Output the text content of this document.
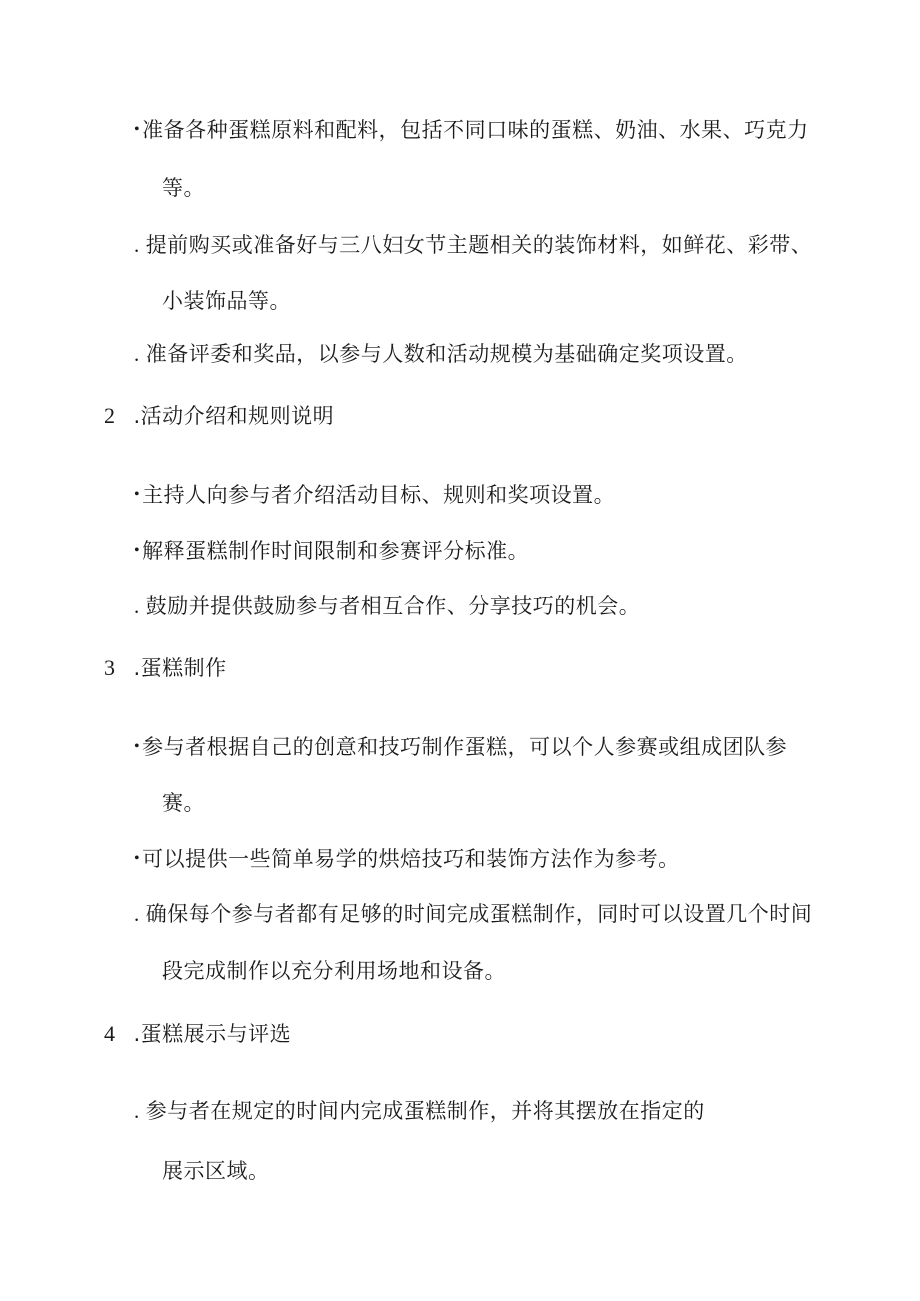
•准备各种蛋糕原料和配料，包括不同口味的蛋糕、奶油、水果、巧克力
等。
. 提前购买或准备好与三八妇女节主题相关的装饰材料，如鲜花、彩带、
小装饰品等。
. 准备评委和奖品，以参与人数和活动规模为基础确定奖项设置。
2 .活动介绍和规则说明
•主持人向参与者介绍活动目标、规则和奖项设置。
•解释蛋糕制作时间限制和参赛评分标准。
. 鼓励并提供鼓励参与者相互合作、分享技巧的机会。
3 .蛋糕制作
•参与者根据自己的创意和技巧制作蛋糕，可以个人参赛或组成团队参
赛。
•可以提供一些简单易学的烘焙技巧和装饰方法作为参考。
. 确保每个参与者都有足够的时间完成蛋糕制作，同时可以设置几个时间
段完成制作以充分利用场地和设备。
4 .蛋糕展示与评选
. 参与者在规定的时间内完成蛋糕制作，并将其摆放在指定的
展示区域。
